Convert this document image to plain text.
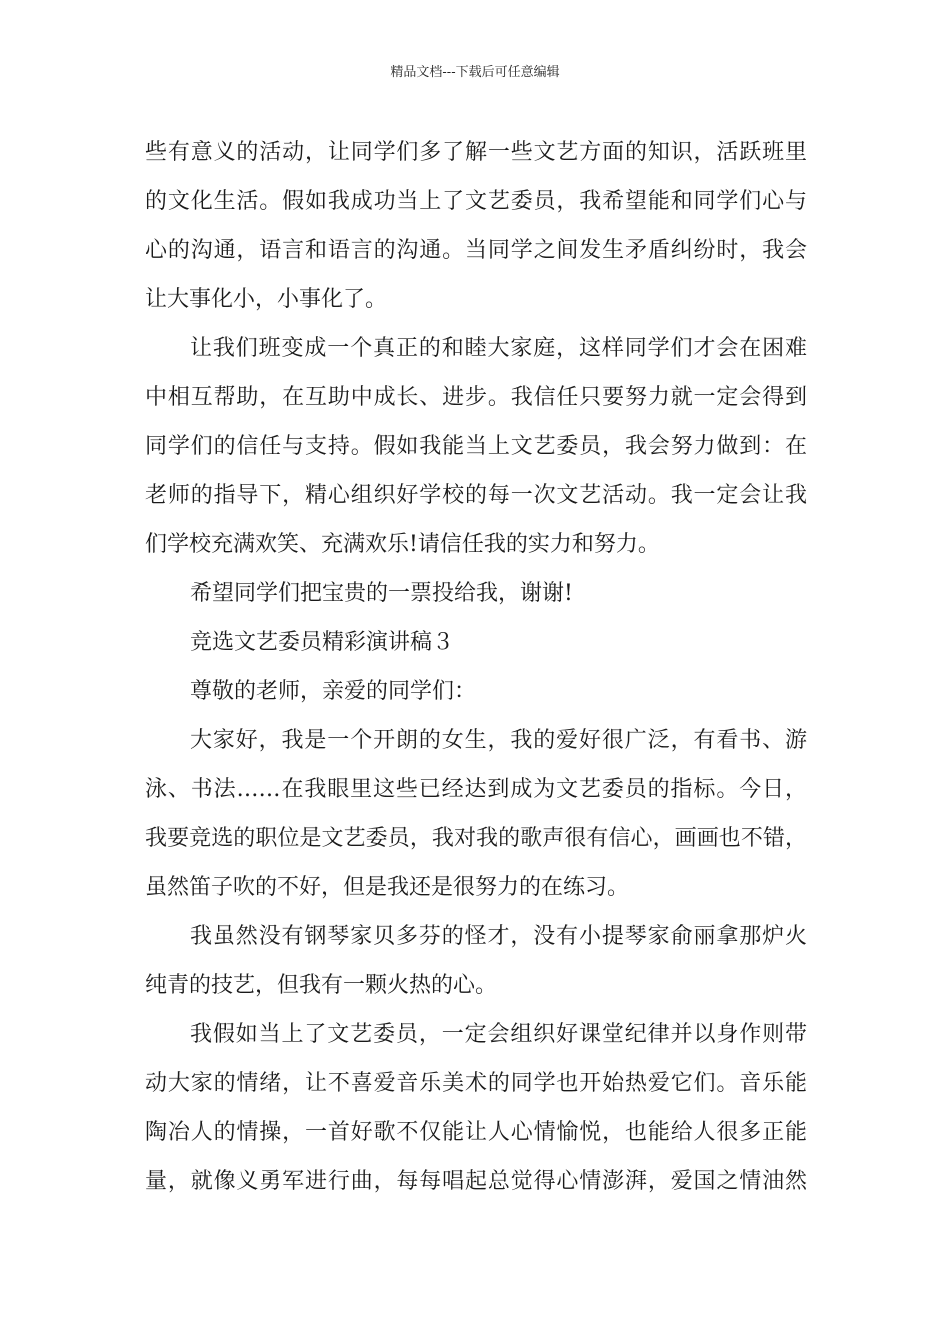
精品文档---下载后可任意编辑
些有意义的活动，让同学们多了解一些文艺方面的知识，活跃班里
的文化生活。假如我成功当上了文艺委员，我希望能和同学们心与
心的沟通，语言和语言的沟通。当同学之间发生矛盾纠纷时，我会
让大事化小，小事化了。
让我们班变成一个真正的和睦大家庭，这样同学们才会在困难
中相互帮助，在互助中成长、进步。我信任只要努力就一定会得到
同学们的信任与支持。假如我能当上文艺委员，我会努力做到：在
老师的指导下，精心组织好学校的每一次文艺活动。我一定会让我
们学校充满欢笑、充满欢乐!请信任我的实力和努力。
希望同学们把宝贵的一票投给我，谢谢!
竞选文艺委员精彩演讲稿３
尊敬的老师，亲爱的同学们：
大家好，我是一个开朗的女生，我的爱好很广泛，有看书、游
泳、书法……在我眼里这些已经达到成为文艺委员的指标。今日，
我要竞选的职位是文艺委员，我对我的歌声很有信心，画画也不错，
虽然笛子吹的不好，但是我还是很努力的在练习。
我虽然没有钢琴家贝多芬的怪才，没有小提琴家俞丽拿那炉火
纯青的技艺，但我有一颗火热的心。
我假如当上了文艺委员，一定会组织好课堂纪律并以身作则带
动大家的情绪，让不喜爱音乐美术的同学也开始热爱它们。音乐能
陶冶人的情操，一首好歌不仅能让人心情愉悦，也能给人很多正能
量，就像义勇军进行曲，每每唱起总觉得心情澎湃，爱国之情油然
